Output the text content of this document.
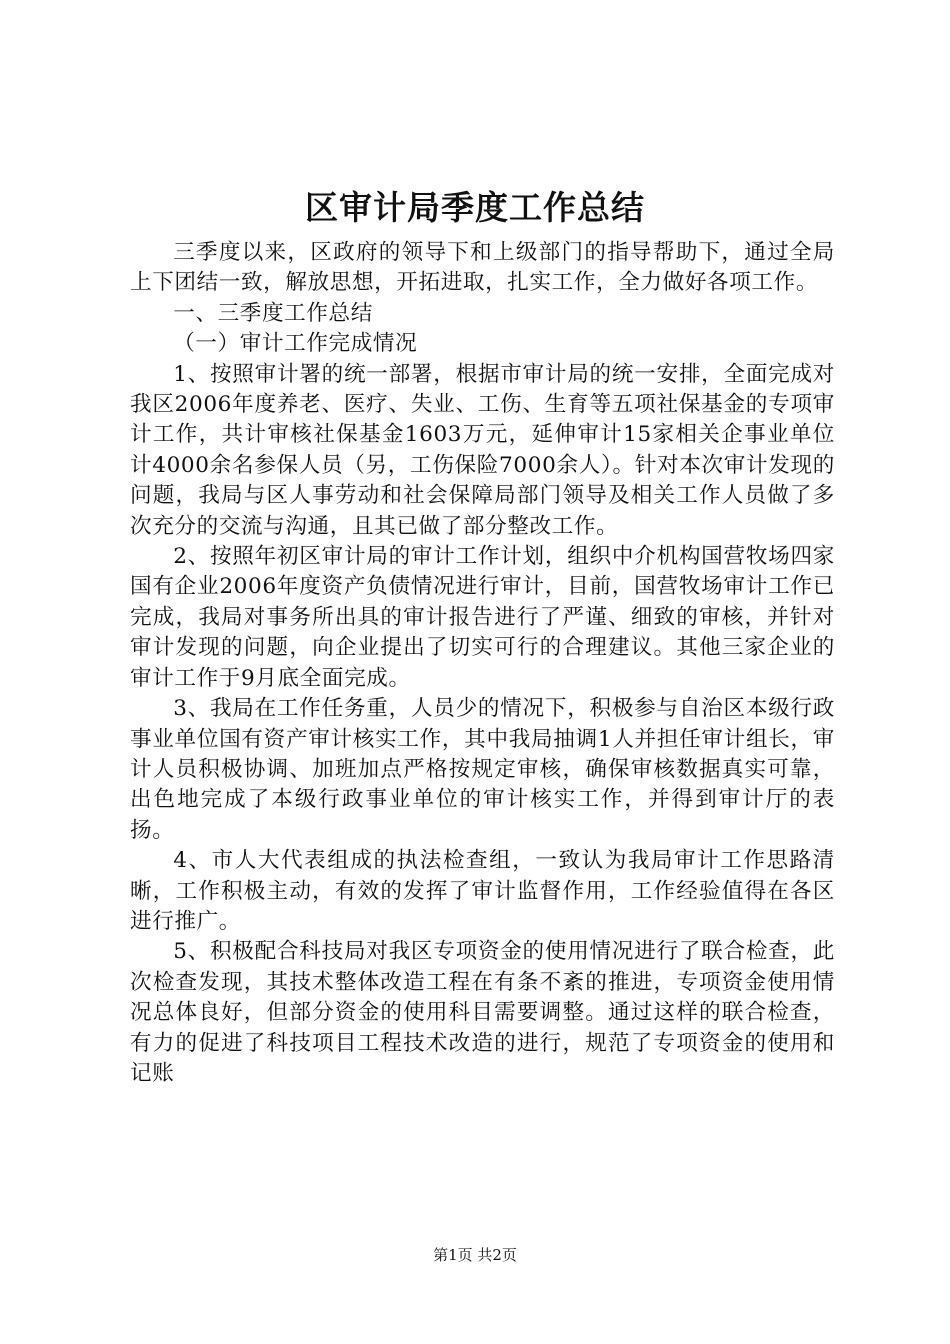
区审计局季度工作总结

三季度以来，区政府的领导下和上级部门的指导帮助下，通过全局上下团结一致，解放思想，开拓进取，扎实工作，全力做好各项工作。

一、三季度工作总结

（一）审计工作完成情况

1、按照审计署的统一部署，根据市审计局的统一安排，全面完成对我区2006年度养老、医疗、失业、工伤、生育等五项社保基金的专项审计工作，共计审核社保基金1603万元，延伸审计15家相关企事业单位计4000余名参保人员（另，工伤保险7000余人）。针对本次审计发现的问题，我局与区人事劳动和社会保障局部门领导及相关工作人员做了多次充分的交流与沟通，且其已做了部分整改工作。

2、按照年初区审计局的审计工作计划，组织中介机构国营牧场四家国有企业2006年度资产负债情况进行审计，目前，国营牧场审计工作已完成，我局对事务所出具的审计报告进行了严谨、细致的审核，并针对审计发现的问题，向企业提出了切实可行的合理建议。其他三家企业的审计工作于9月底全面完成。

3、我局在工作任务重，人员少的情况下，积极参与自治区本级行政事业单位国有资产审计核实工作，其中我局抽调1人并担任审计组长，审计人员积极协调、加班加点严格按规定审核，确保审核数据真实可靠，出色地完成了本级行政事业单位的审计核实工作，并得到审计厅的表扬。

4、市人大代表组成的执法检查组，一致认为我局审计工作思路清晰，工作积极主动，有效的发挥了审计监督作用，工作经验值得在各区进行推广。

5、积极配合科技局对我区专项资金的使用情况进行了联合检查，此次检查发现，其技术整体改造工程在有条不紊的推进，专项资金使用情况总体良好，但部分资金的使用科目需要调整。通过这样的联合检查，有力的促进了科技项目工程技术改造的进行，规范了专项资金的使用和记账

第1页 共2页
